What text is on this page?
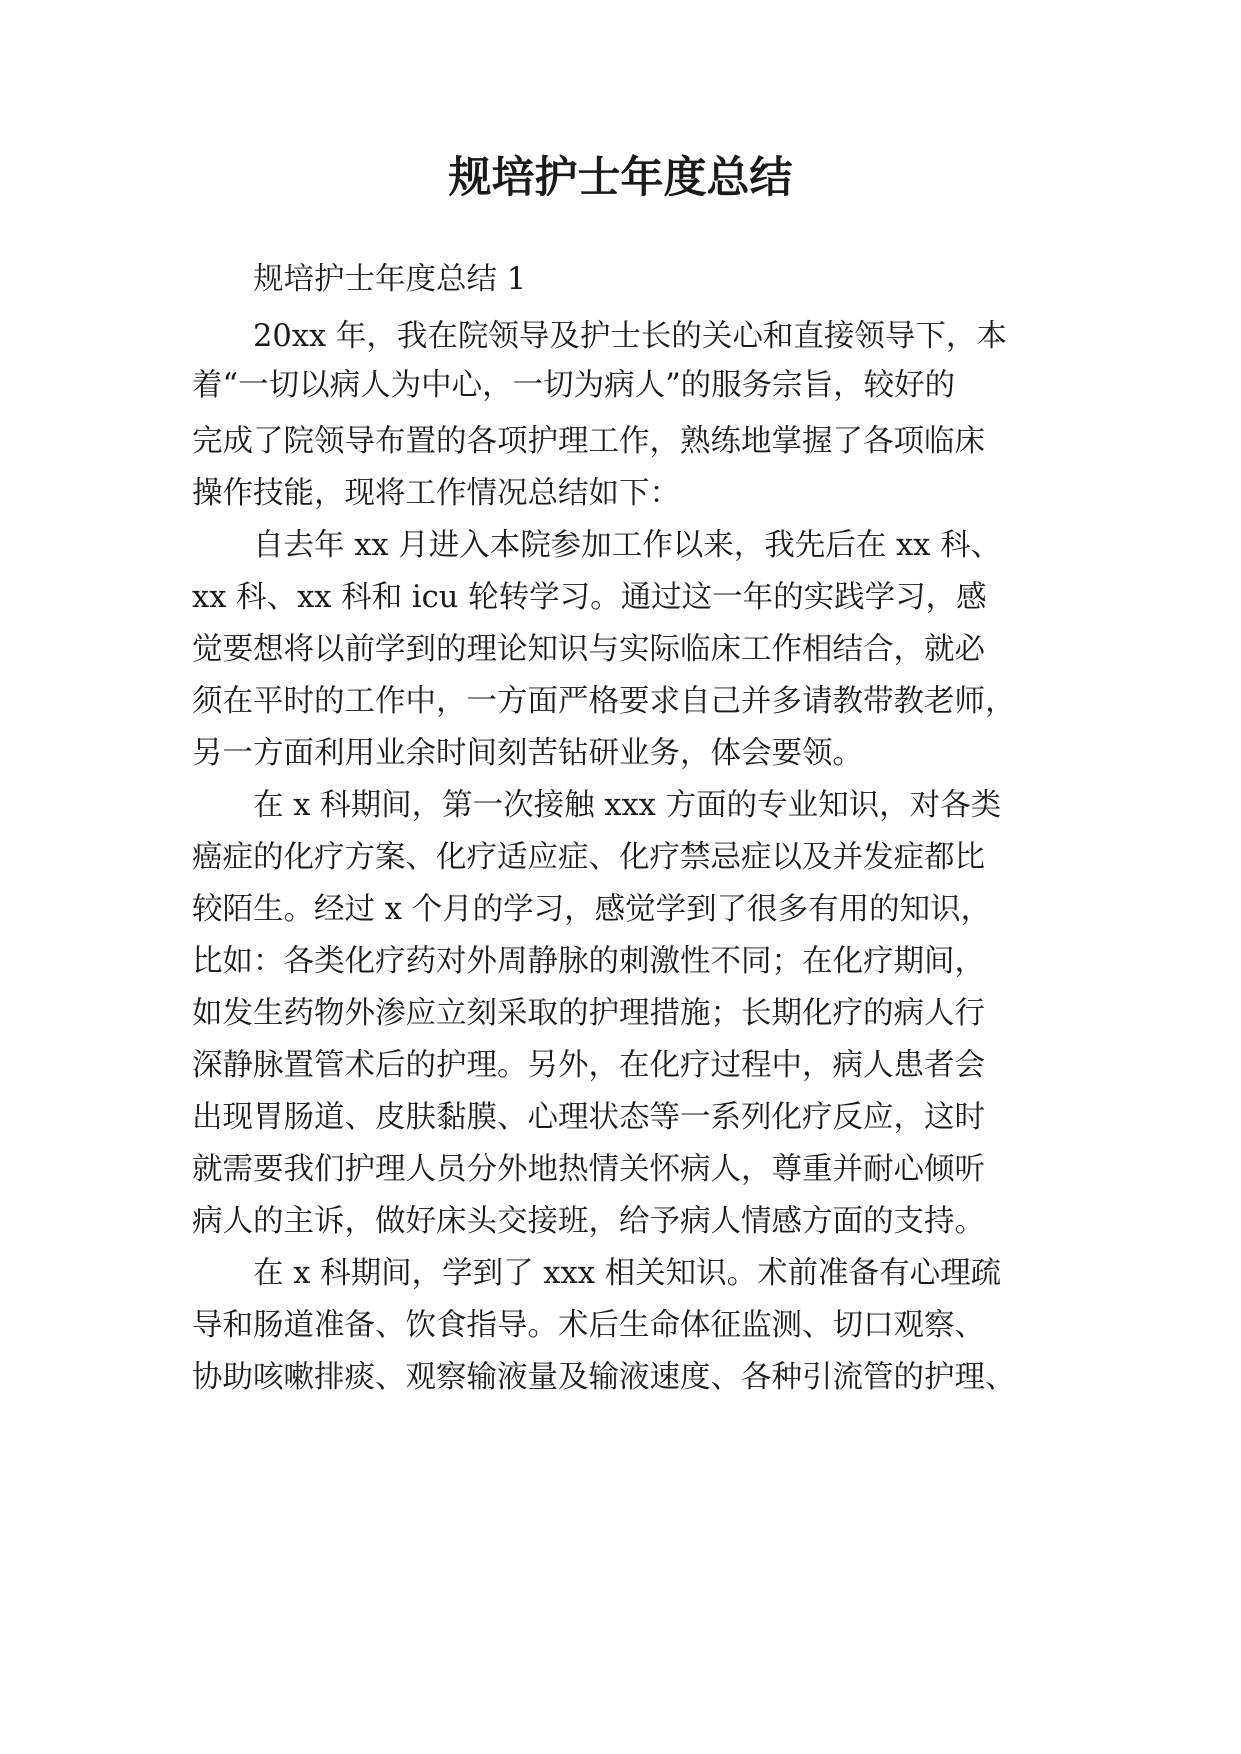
规培护士年度总结

规培护士年度总结 1

20xx 年，我在院领导及护士长的关心和直接领导下，本

着“一切以病人为中心，一切为病人”的服务宗旨，较好的

完成了院领导布置的各项护理工作，熟练地掌握了各项临床

操作技能，现将工作情况总结如下：

自去年 xx 月进入本院参加工作以来，我先后在 xx 科、

xx 科、xx 科和 icu 轮转学习。通过这一年的实践学习，感

觉要想将以前学到的理论知识与实际临床工作相结合，就必

须在平时的工作中，一方面严格要求自己并多请教带教老师，

另一方面利用业余时间刻苦钻研业务，体会要领。

在 x 科期间，第一次接触 xxx 方面的专业知识，对各类

癌症的化疗方案、化疗适应症、化疗禁忌症以及并发症都比

较陌生。经过 x 个月的学习，感觉学到了很多有用的知识，

比如：各类化疗药对外周静脉的刺激性不同；在化疗期间，

如发生药物外渗应立刻采取的护理措施；长期化疗的病人行

深静脉置管术后的护理。另外，在化疗过程中，病人患者会

出现胃肠道、皮肤黏膜、心理状态等一系列化疗反应，这时

就需要我们护理人员分外地热情关怀病人，尊重并耐心倾听

病人的主诉，做好床头交接班，给予病人情感方面的支持。

在 x 科期间，学到了 xxx 相关知识。术前准备有心理疏

导和肠道准备、饮食指导。术后生命体征监测、切口观察、

协助咳嗽排痰、观察输液量及输液速度、各种引流管的护理、
